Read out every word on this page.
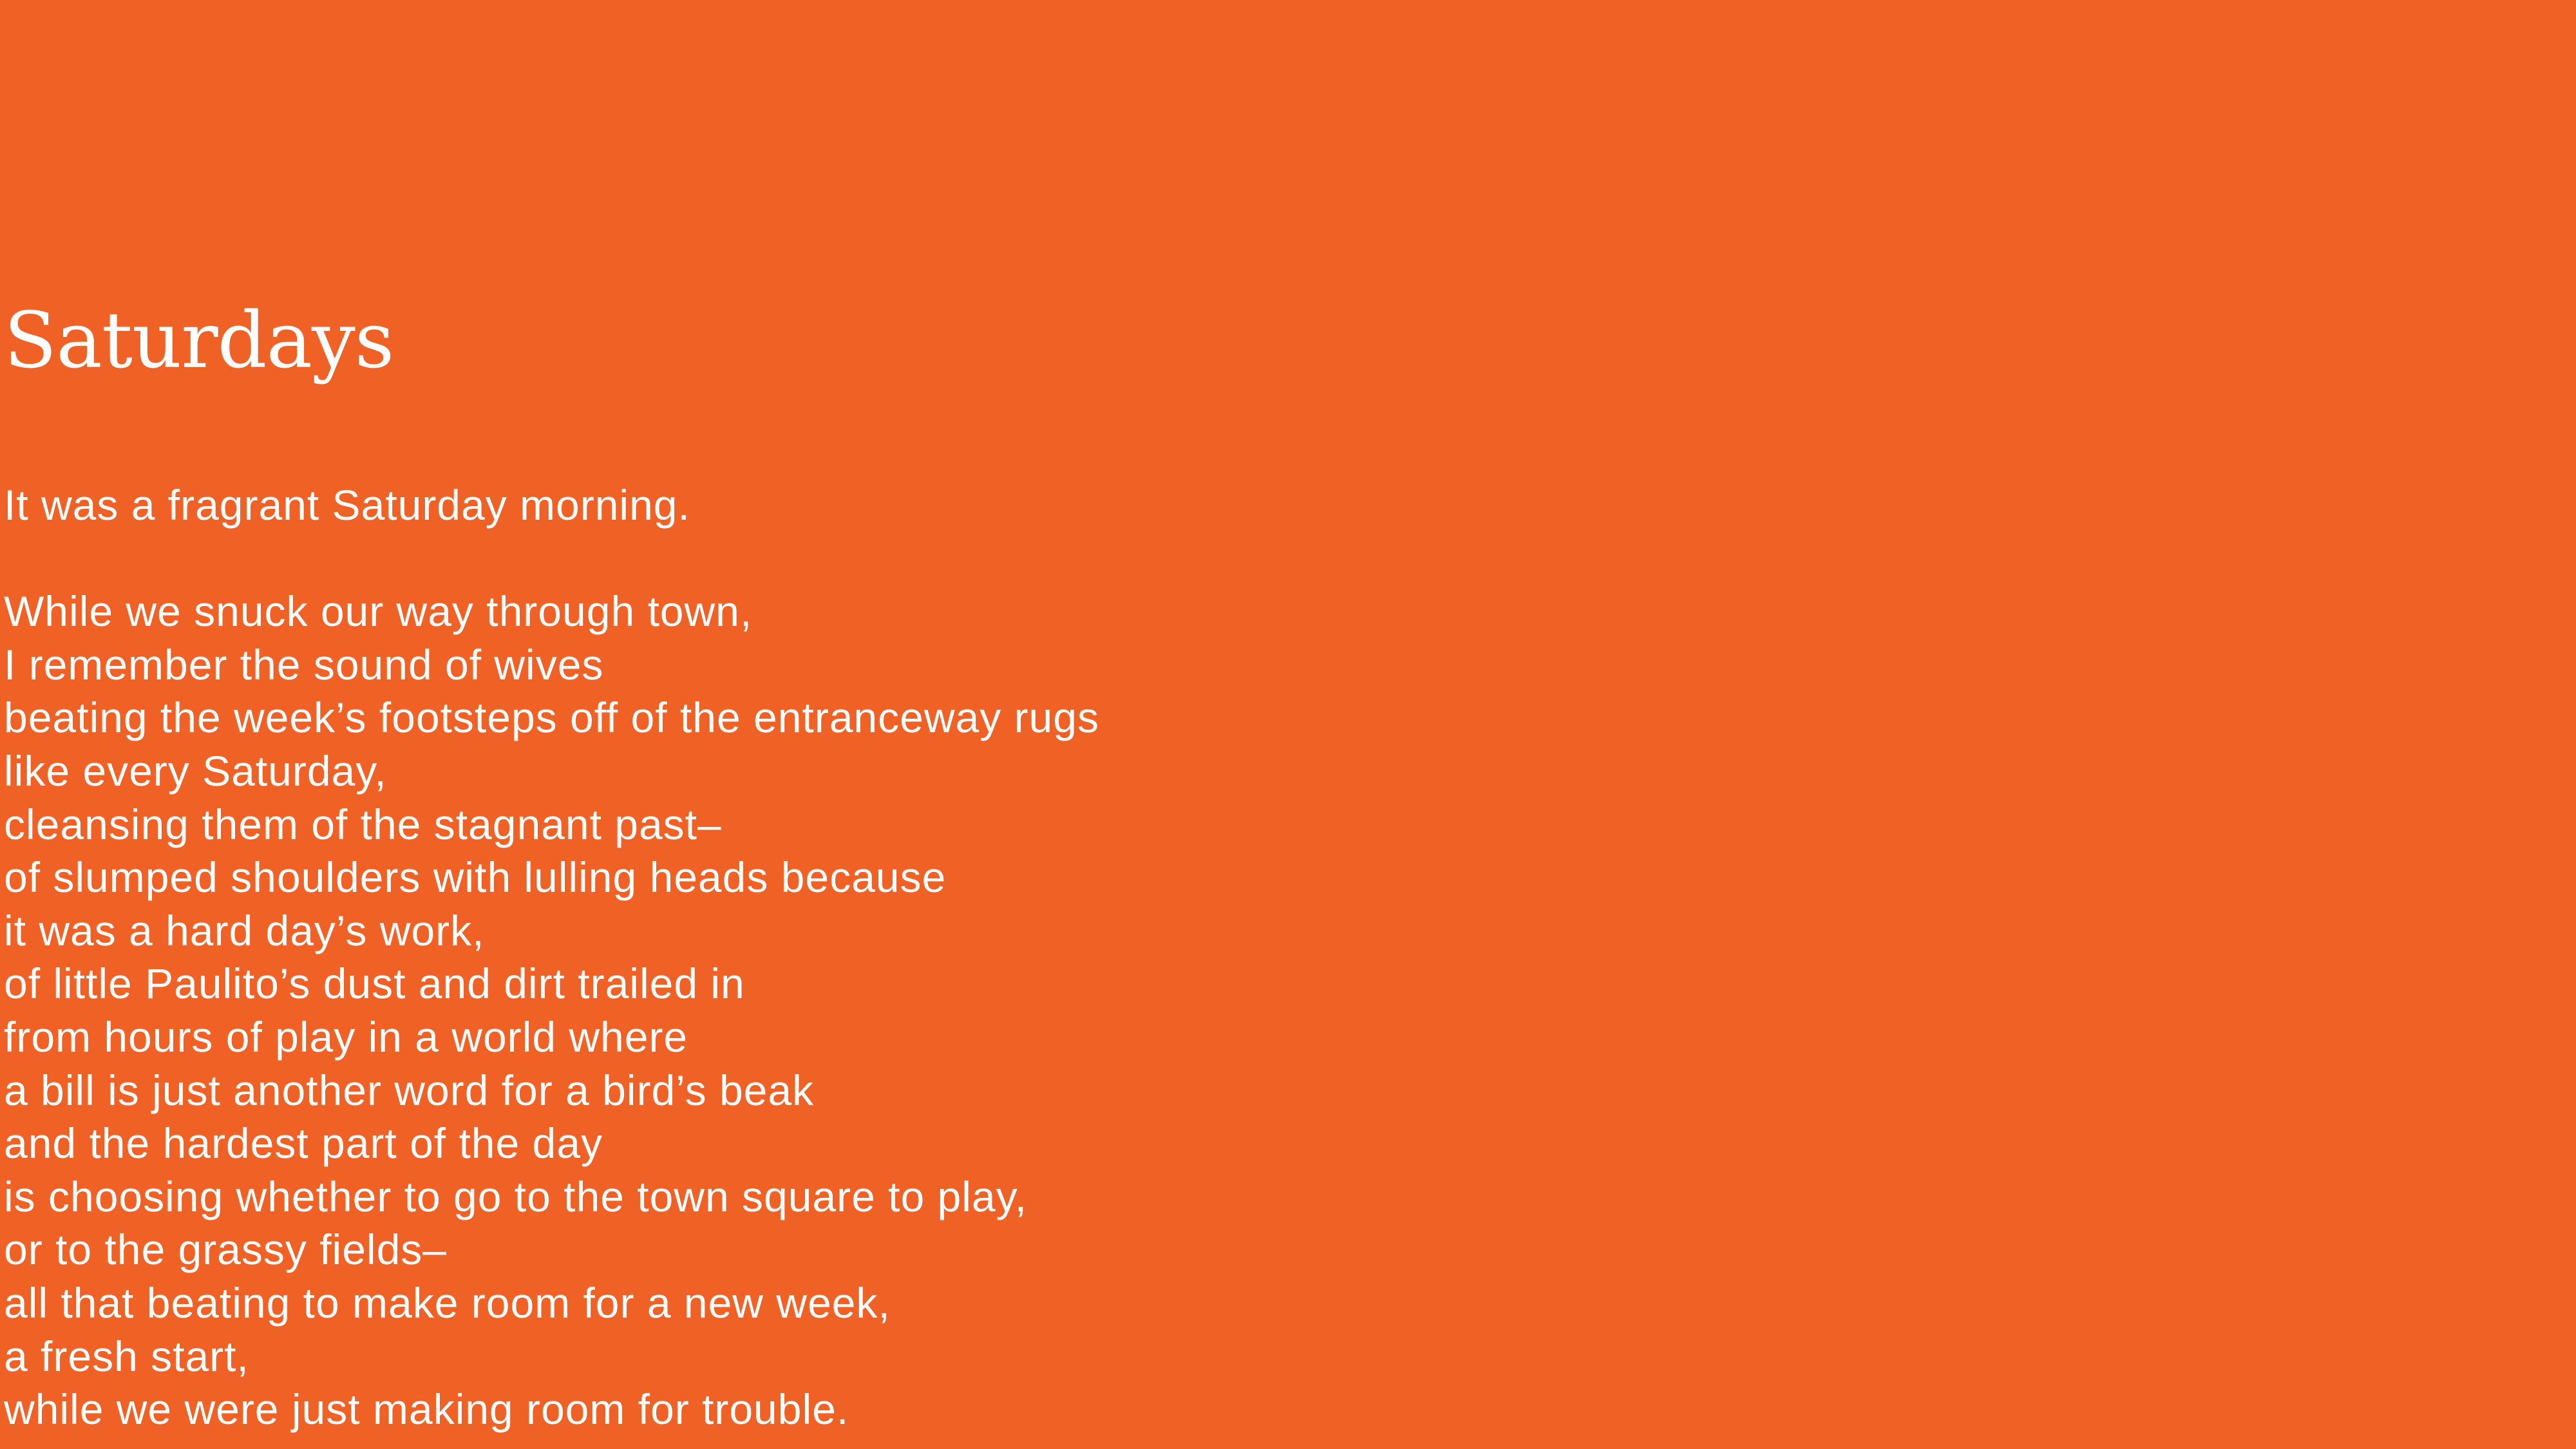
Saturdays
It was a fragrant Saturday morning.
While we snuck our way through town,
I remember the sound of wives
beating the week’s footsteps off of the entranceway rugs
like every Saturday,
cleansing them of the stagnant past–
of slumped shoulders with lulling heads because
it was a hard day’s work,
of little Paulito’s dust and dirt trailed in
from hours of play in a world where
a bill is just another word for a bird’s beak
and the hardest part of the day
is choosing whether to go to the town square to play,
or to the grassy fields–
all that beating to make room for a new week,
a fresh start,
while we were just making room for trouble.
